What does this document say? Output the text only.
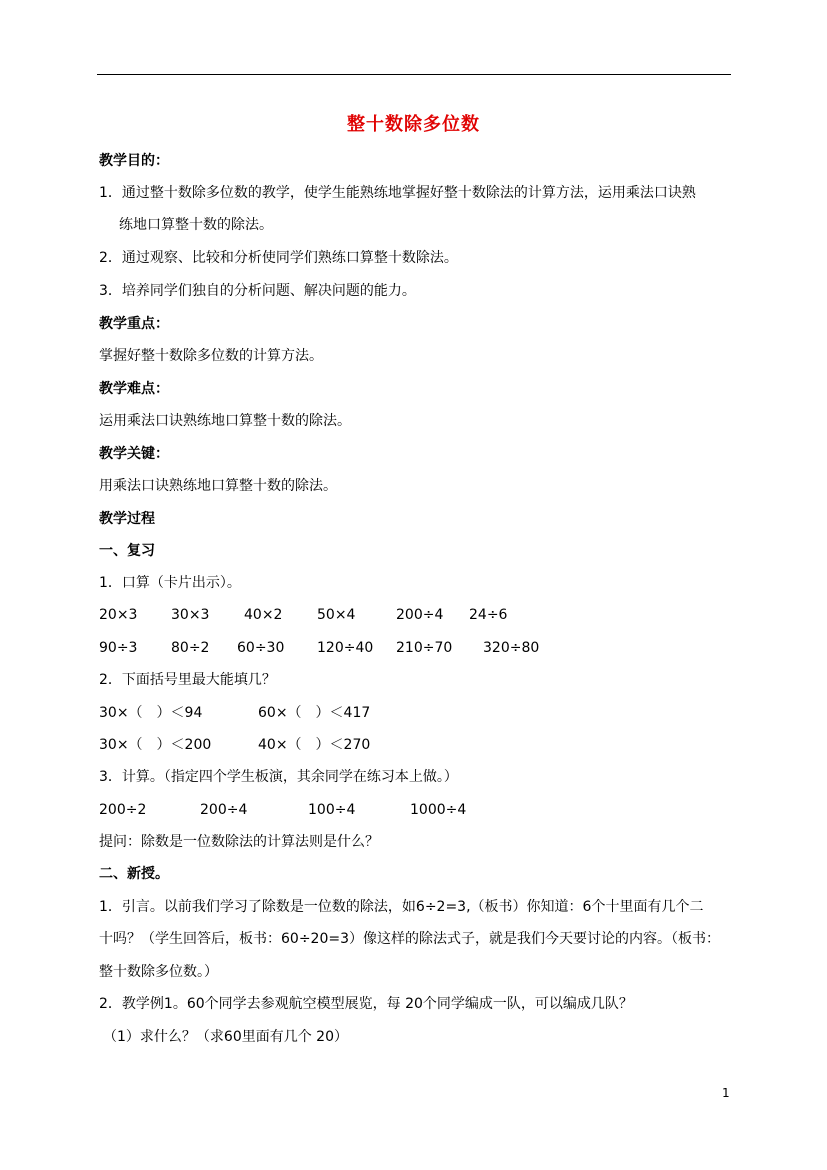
整十数除多位数
教学目的：
1．通过整十数除多位数的教学，使学生能熟练地掌握好整十数除法的计算方法，运用乘法口诀熟
练地口算整十数的除法。
2．通过观察、比较和分析使同学们熟练口算整十数除法。
3．培养同学们独自的分析问题、解决问题的能力。
教学重点：
掌握好整十数除多位数的计算方法。
教学难点：
运用乘法口诀熟练地口算整十数的除法。
教学关键：
用乘法口诀熟练地口算整十数的除法。
教学过程
一、复习
1．口算（卡片出示）。
20×3 30×3 40×2 50×4	200÷4 24÷6
90÷3 80÷2 60÷30 120÷40 210÷70 320÷80
2．下面括号里最大能填几？
30×（　）＜94	60×（　）＜417
30×（　）＜200	40×（　）＜270
3．计算。（指定四个学生板演，其余同学在练习本上做。）
200÷2	200÷4	100÷4	1000÷4
提问：除数是一位数除法的计算法则是什么？
二、新授。
1．引言。以前我们学习了除数是一位数的除法，如6÷2=3,（板书）你知道：6个十里面有几个二
十吗？（学生回答后，板书：60÷20=3）像这样的除法式子，就是我们今天要讨论的内容。（板书：
整十数除多位数。）
2．教学例1。60个同学去参观航空模型展览，每 20个同学编成一队，可以编成几队？
（1）求什么？（求60里面有几个 20）
1
